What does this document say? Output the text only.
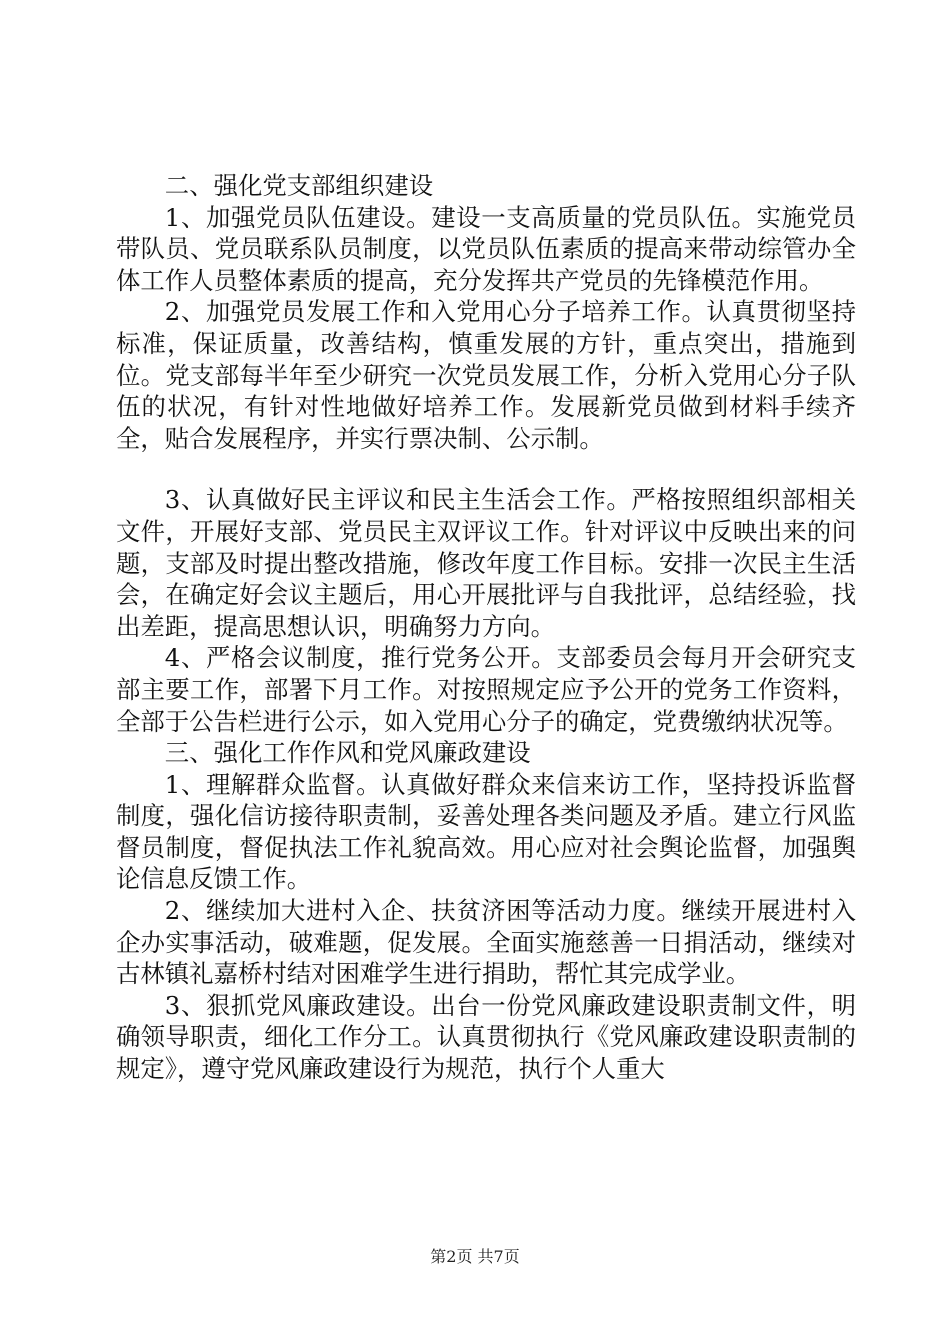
二、强化党支部组织建设

1、加强党员队伍建设。建设一支高质量的党员队伍。实施党员带队员、党员联系队员制度，以党员队伍素质的提高来带动综管办全体工作人员整体素质的提高，充分发挥共产党员的先锋模范作用。

2、加强党员发展工作和入党用心分子培养工作。认真贯彻坚持标准，保证质量，改善结构，慎重发展的方针，重点突出，措施到位。党支部每半年至少研究一次党员发展工作，分析入党用心分子队伍的状况，有针对性地做好培养工作。发展新党员做到材料手续齐全，贴合发展程序，并实行票决制、公示制。

3、认真做好民主评议和民主生活会工作。严格按照组织部相关文件，开展好支部、党员民主双评议工作。针对评议中反映出来的问题，支部及时提出整改措施，修改年度工作目标。安排一次民主生活会，在确定好会议主题后，用心开展批评与自我批评，总结经验，找出差距，提高思想认识，明确努力方向。

4、严格会议制度，推行党务公开。支部委员会每月开会研究支部主要工作，部署下月工作。对按照规定应予公开的党务工作资料，全部于公告栏进行公示，如入党用心分子的确定，党费缴纳状况等。

三、强化工作作风和党风廉政建设

1、理解群众监督。认真做好群众来信来访工作，坚持投诉监督制度，强化信访接待职责制，妥善处理各类问题及矛盾。建立行风监督员制度，督促执法工作礼貌高效。用心应对社会舆论监督，加强舆论信息反馈工作。

2、继续加大进村入企、扶贫济困等活动力度。继续开展进村入企办实事活动，破难题，促发展。全面实施慈善一日捐活动，继续对古林镇礼嘉桥村结对困难学生进行捐助，帮忙其完成学业。

3、狠抓党风廉政建设。出台一份党风廉政建设职责制文件，明确领导职责，细化工作分工。认真贯彻执行《党风廉政建设职责制的规定》，遵守党风廉政建设行为规范，执行个人重大

第2页 共7页
